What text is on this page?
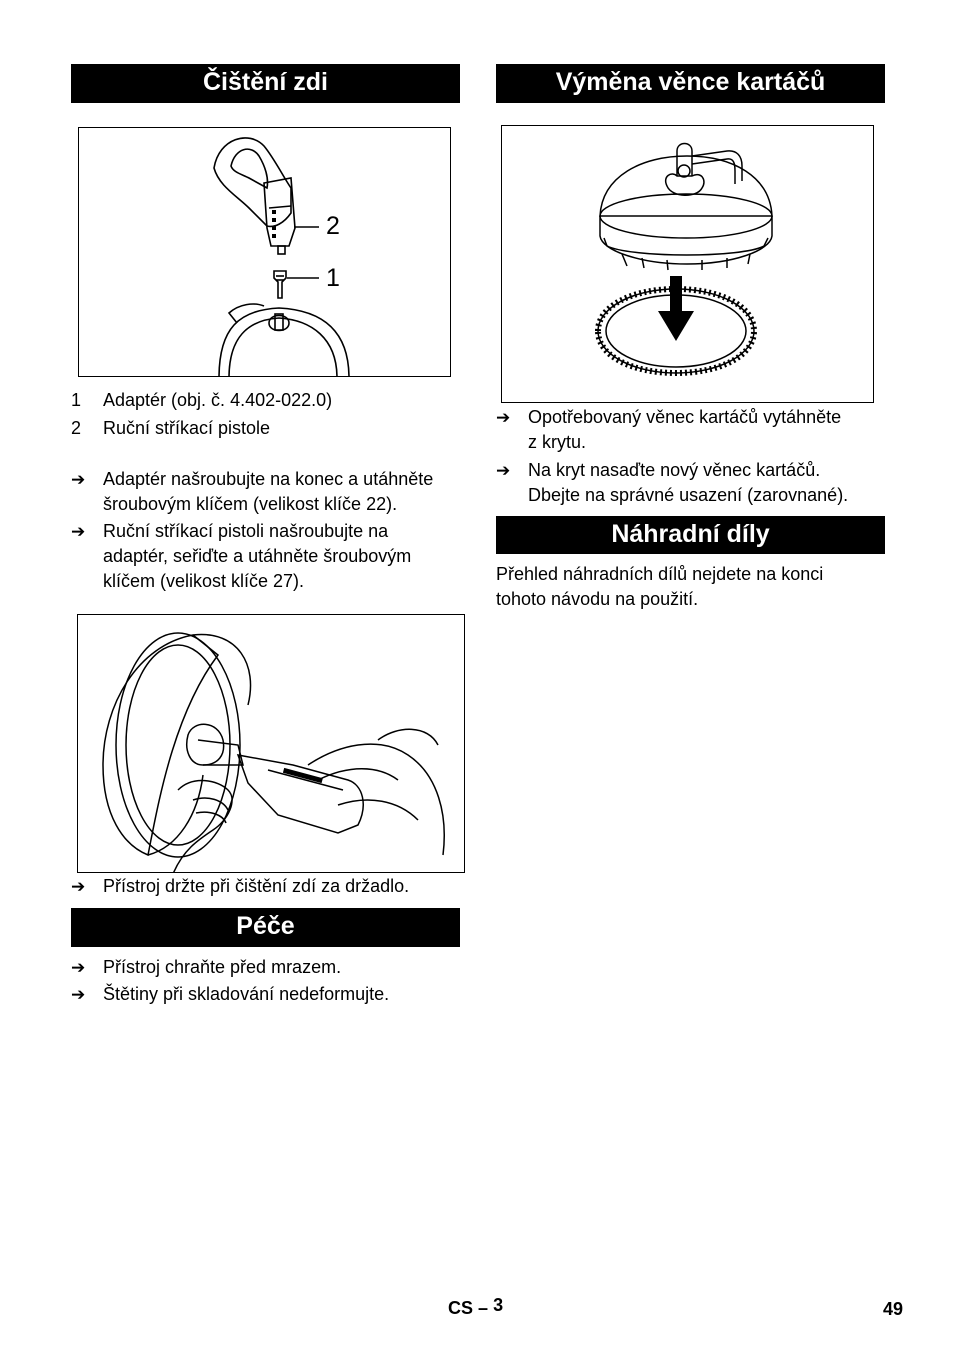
Čištění zdi
2
1
1 Adaptér (obj. č. 4.402-022.0)
2 Ruční stříkací pistole
➔ Adaptér našroubujte na konec a utáhněte
šroubovým klíčem (velikost klíče 22).
➔ Ruční stříkací pistoli našroubujte na
adaptér, seřiďte a utáhněte šroubovým
klíčem (velikost klíče 27).
➔ Přístroj držte při čištění zdí za držadlo.
Péče
➔ Přístroj chraňte před mrazem.
➔ Štětiny při skladování nedeformujte.
Výměna věnce kartáčů
➔ Opotřebovaný věnec kartáčů vytáhněte
z krytu.
➔ Na kryt nasaďte nový věnec kartáčů.
Dbejte na správné usazení (zarovnané).
Náhradní díly
Přehled náhradních dílů nejdete na konci
tohoto návodu na použití.
CS – 3	49
